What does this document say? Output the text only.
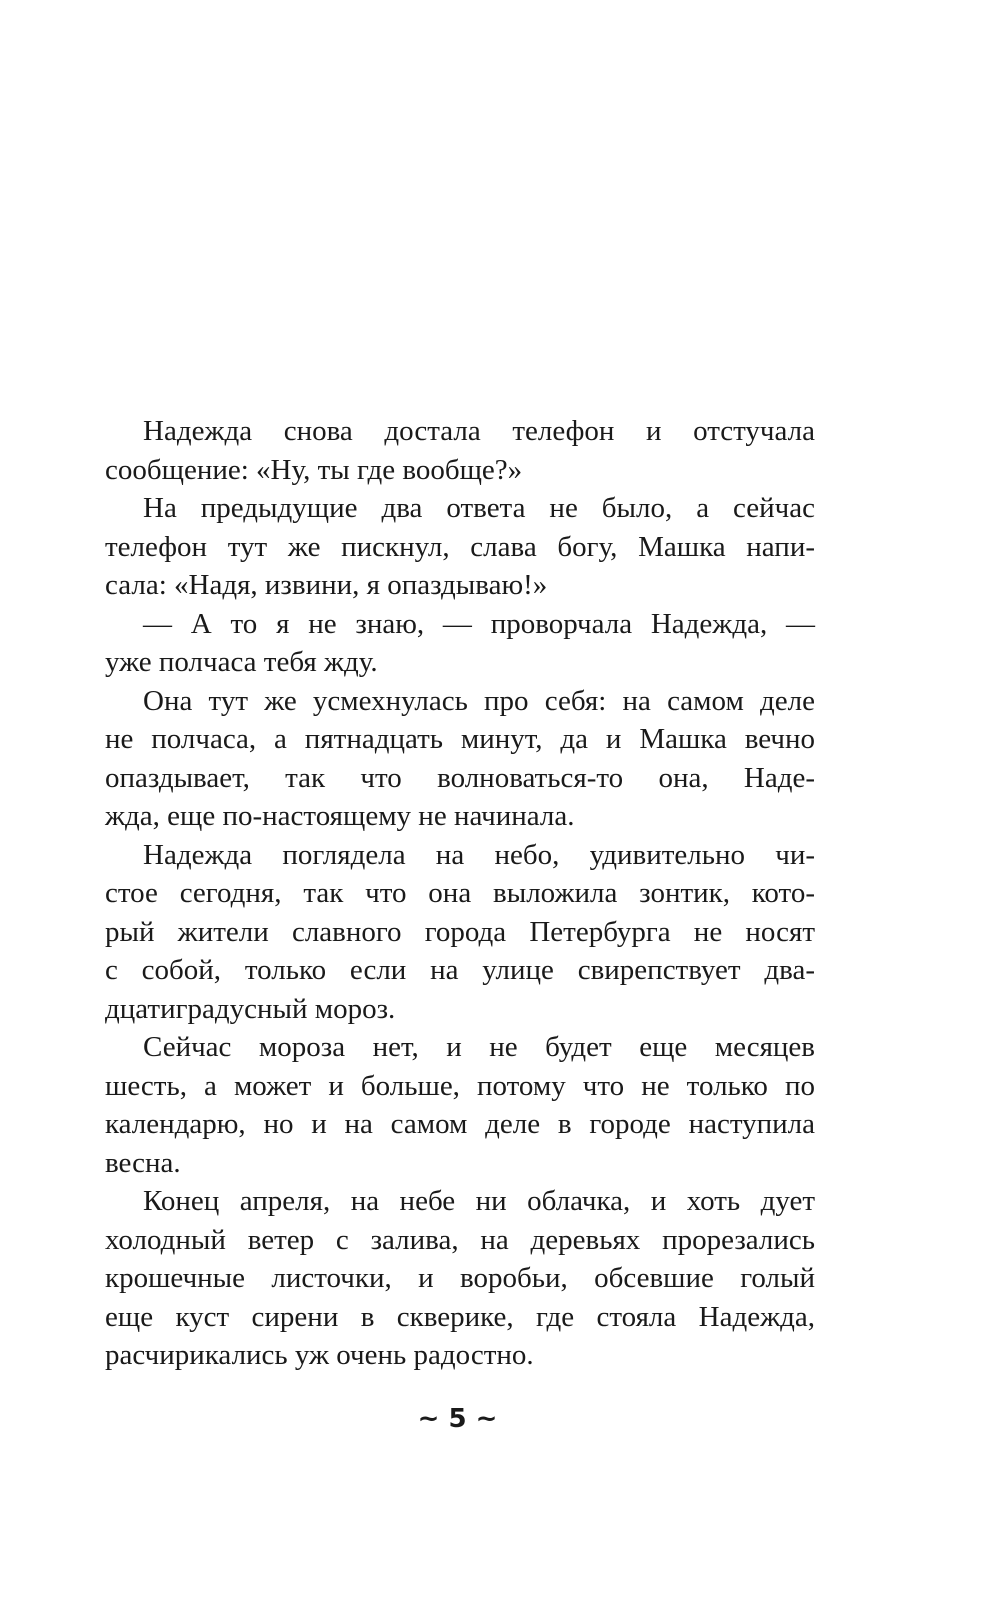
Надежда снова достала телефон и отстучала
сообщение: «Ну, ты где вообще?»
На предыдущие два ответа не было, а сейчас
телефон тут же пискнул, слава богу, Машка напи-
сала: «Надя, извини, я опаздываю!»
— А то я не знаю, — проворчала Надежда, —
уже полчаса тебя жду.
Она тут же усмехнулась про себя: на самом деле
не полчаса, а пятнадцать минут, да и Машка вечно
опаздывает, так что волноваться-то она, Наде-
жда, еще по-настоящему не начинала.
Надежда поглядела на небо, удивительно чи-
стое сегодня, так что она выложила зонтик, кото-
рый жители славного города Петербурга не носят
с собой, только если на улице свирепствует два-
дцатиградусный мороз.
Сейчас мороза нет, и не будет еще месяцев
шесть, а может и больше, потому что не только по
календарю, но и на самом деле в городе наступила
весна.
Конец апреля, на небе ни облачка, и хоть дует
холодный ветер с залива, на деревьях прорезались
крошечные листочки, и воробьи, обсевшие голый
еще куст сирени в скверике, где стояла Надежда,
расчирикались уж очень радостно.
~ 5 ~
